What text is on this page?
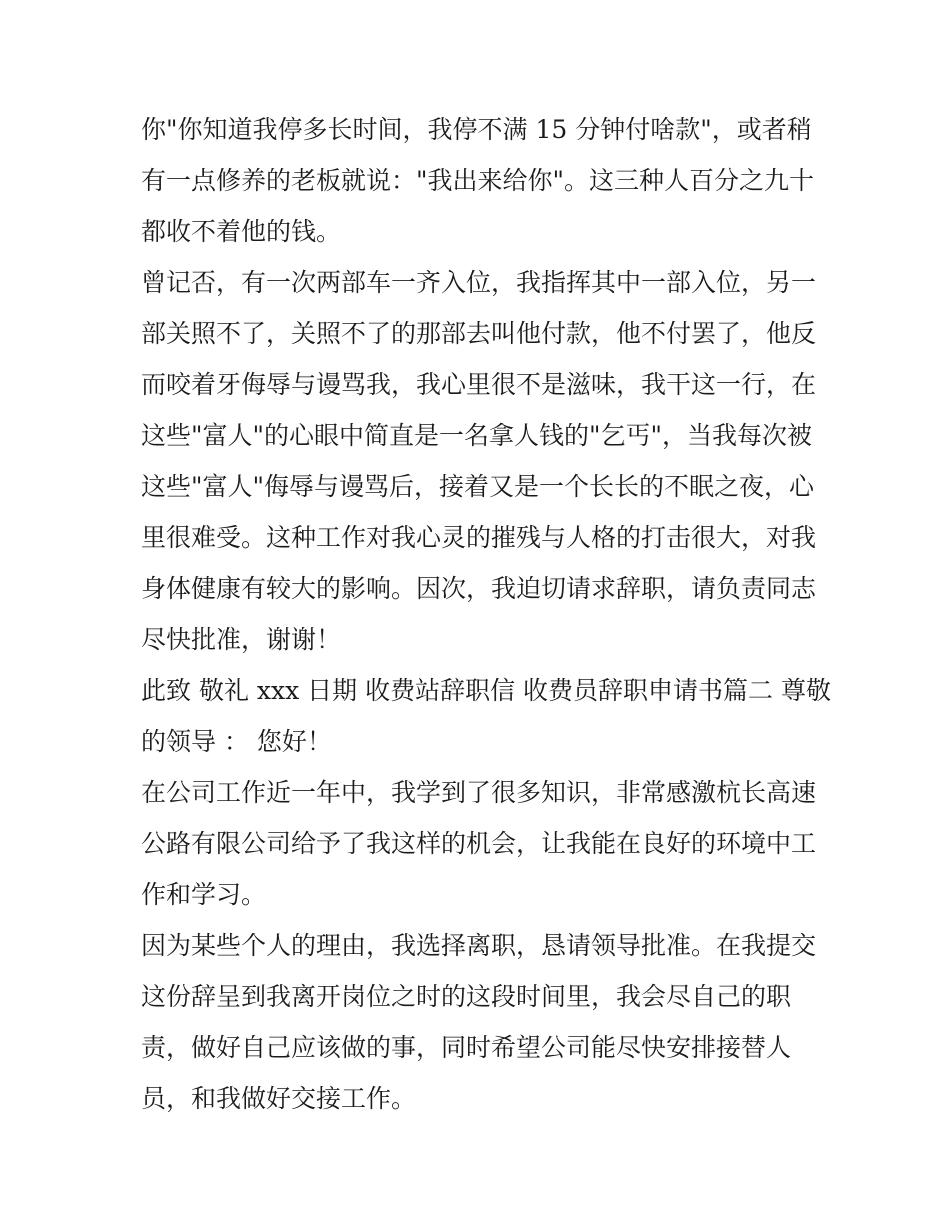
你"你知道我停多长时间，我停不满 15 分钟付啥款"，或者稍
有一点修养的老板就说："我出来给你"。这三种人百分之九十
都收不着他的钱。
曾记否，有一次两部车一齐入位，我指挥其中一部入位，另一
部关照不了，关照不了的那部去叫他付款，他不付罢了，他反
而咬着牙侮辱与谩骂我，我心里很不是滋味，我干这一行，在
这些"富人"的心眼中简直是一名拿人钱的"乞丐"，当我每次被
这些"富人"侮辱与谩骂后，接着又是一个长长的不眠之夜，心
里很难受。这种工作对我心灵的摧残与人格的打击很大，对我
身体健康有较大的影响。因次，我迫切请求辞职，请负责同志
尽快批准，谢谢！
此致 敬礼 xxx 日期 收费站辞职信 收费员辞职申请书篇二 尊敬
的领导 ： 您好！
在公司工作近一年中，我学到了很多知识，非常感激杭长高速
公路有限公司给予了我这样的机会，让我能在良好的环境中工
作和学习。
因为某些个人的理由，我选择离职，恳请领导批准。在我提交
这份辞呈到我离开岗位之时的这段时间里，我会尽自己的职
责，做好自己应该做的事，同时希望公司能尽快安排接替人
员，和我做好交接工作。
